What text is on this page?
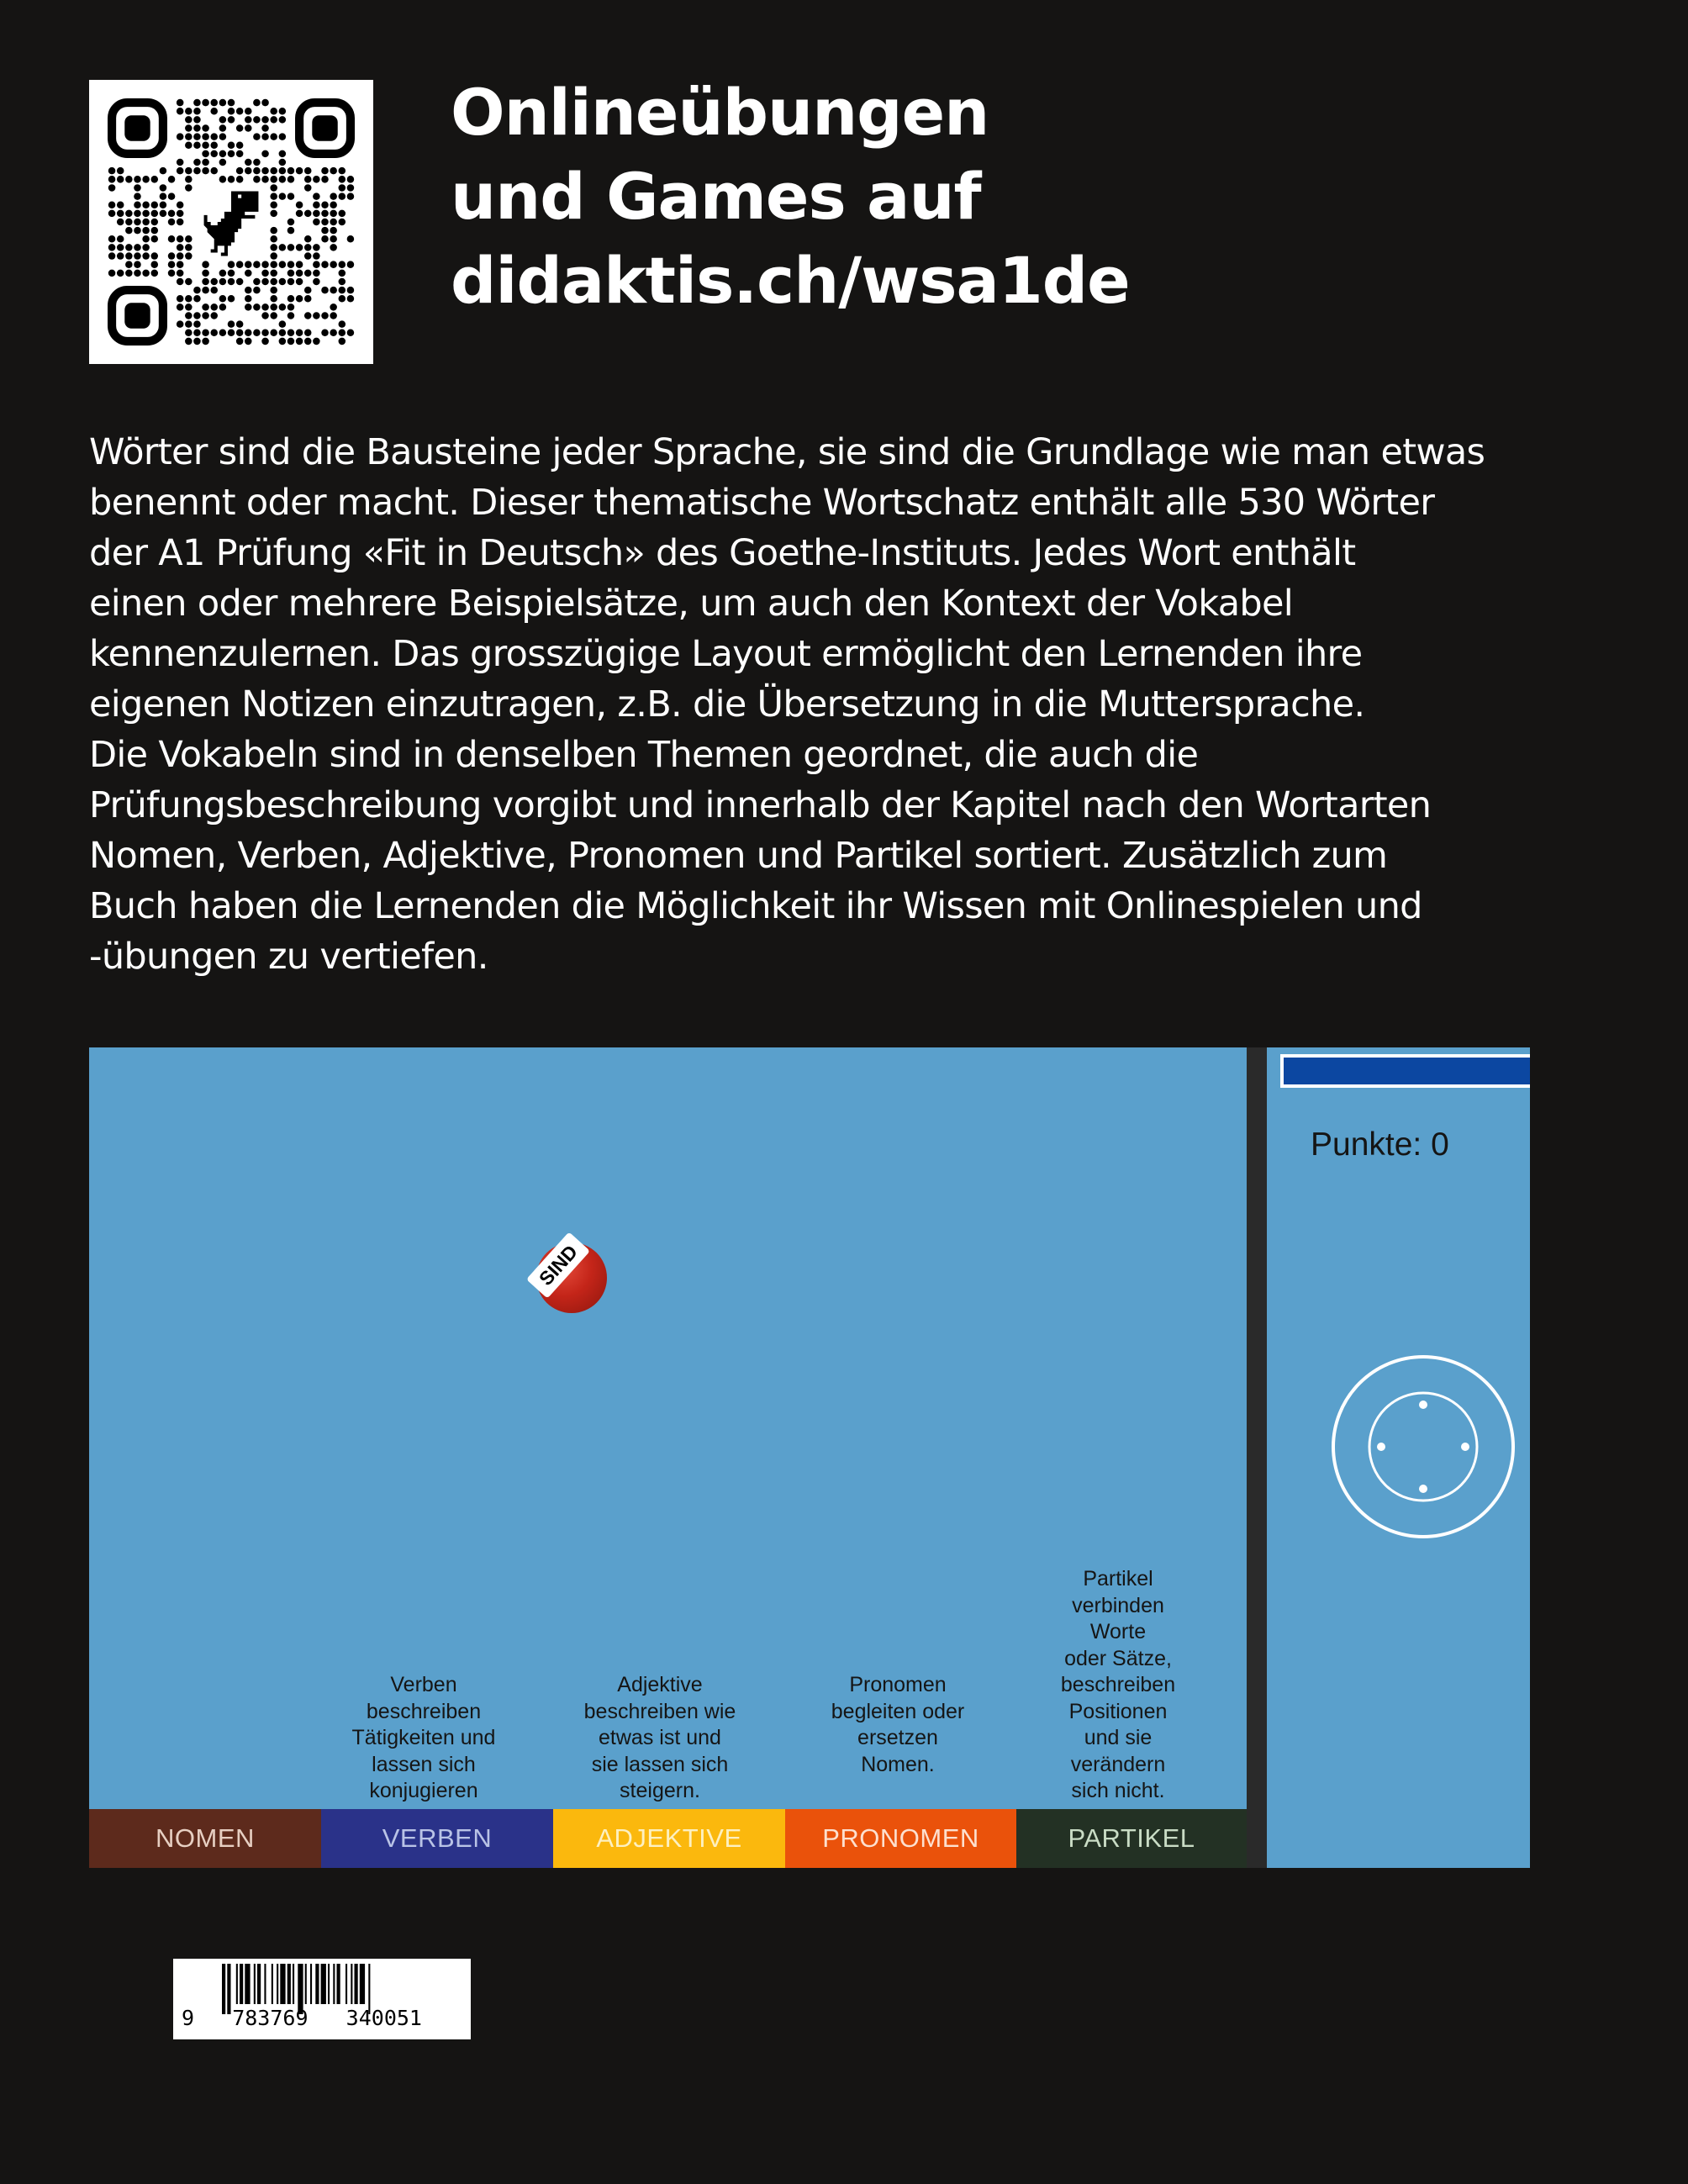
Onlineübungen
und Games auf
didaktis.ch/wsa1de

Wörter sind die Bausteine jeder Sprache, sie sind die Grundlage wie man etwas
benennt oder macht. Dieser thematische Wortschatz enthält alle 530 Wörter
der A1 Prüfung «Fit in Deutsch» des Goethe-Instituts. Jedes Wort enthält
einen oder mehrere Beispielsätze, um auch den Kontext der Vokabel
kennenzulernen. Das grosszügige Layout ermöglicht den Lernenden ihre
eigenen Notizen einzutragen, z.B. die Übersetzung in die Muttersprache.
Die Vokabeln sind in denselben Themen geordnet, die auch die
Prüfungsbeschreibung vorgibt und innerhalb der Kapitel nach den Wortarten
Nomen, Verben, Adjektive, Pronomen und Partikel sortiert. Zusätzlich zum
Buch haben die Lernenden die Möglichkeit ihr Wissen mit Onlinespielen und
-übungen zu vertiefen.

SIND
Verben
beschreiben
Tätigkeiten und
lassen sich
konjugieren
Adjektive
beschreiben wie
etwas ist und
sie lassen sich
steigern.
Pronomen
begleiten oder
ersetzen
Nomen.
Partikel
verbinden
Worte
oder Sätze,
beschreiben
Positionen
und sie
verändern
sich nicht.
NOMEN	VERBEN	ADJEKTIVE	PRONOMEN	PARTIKEL
Punkte: 0
9   783769   340051
